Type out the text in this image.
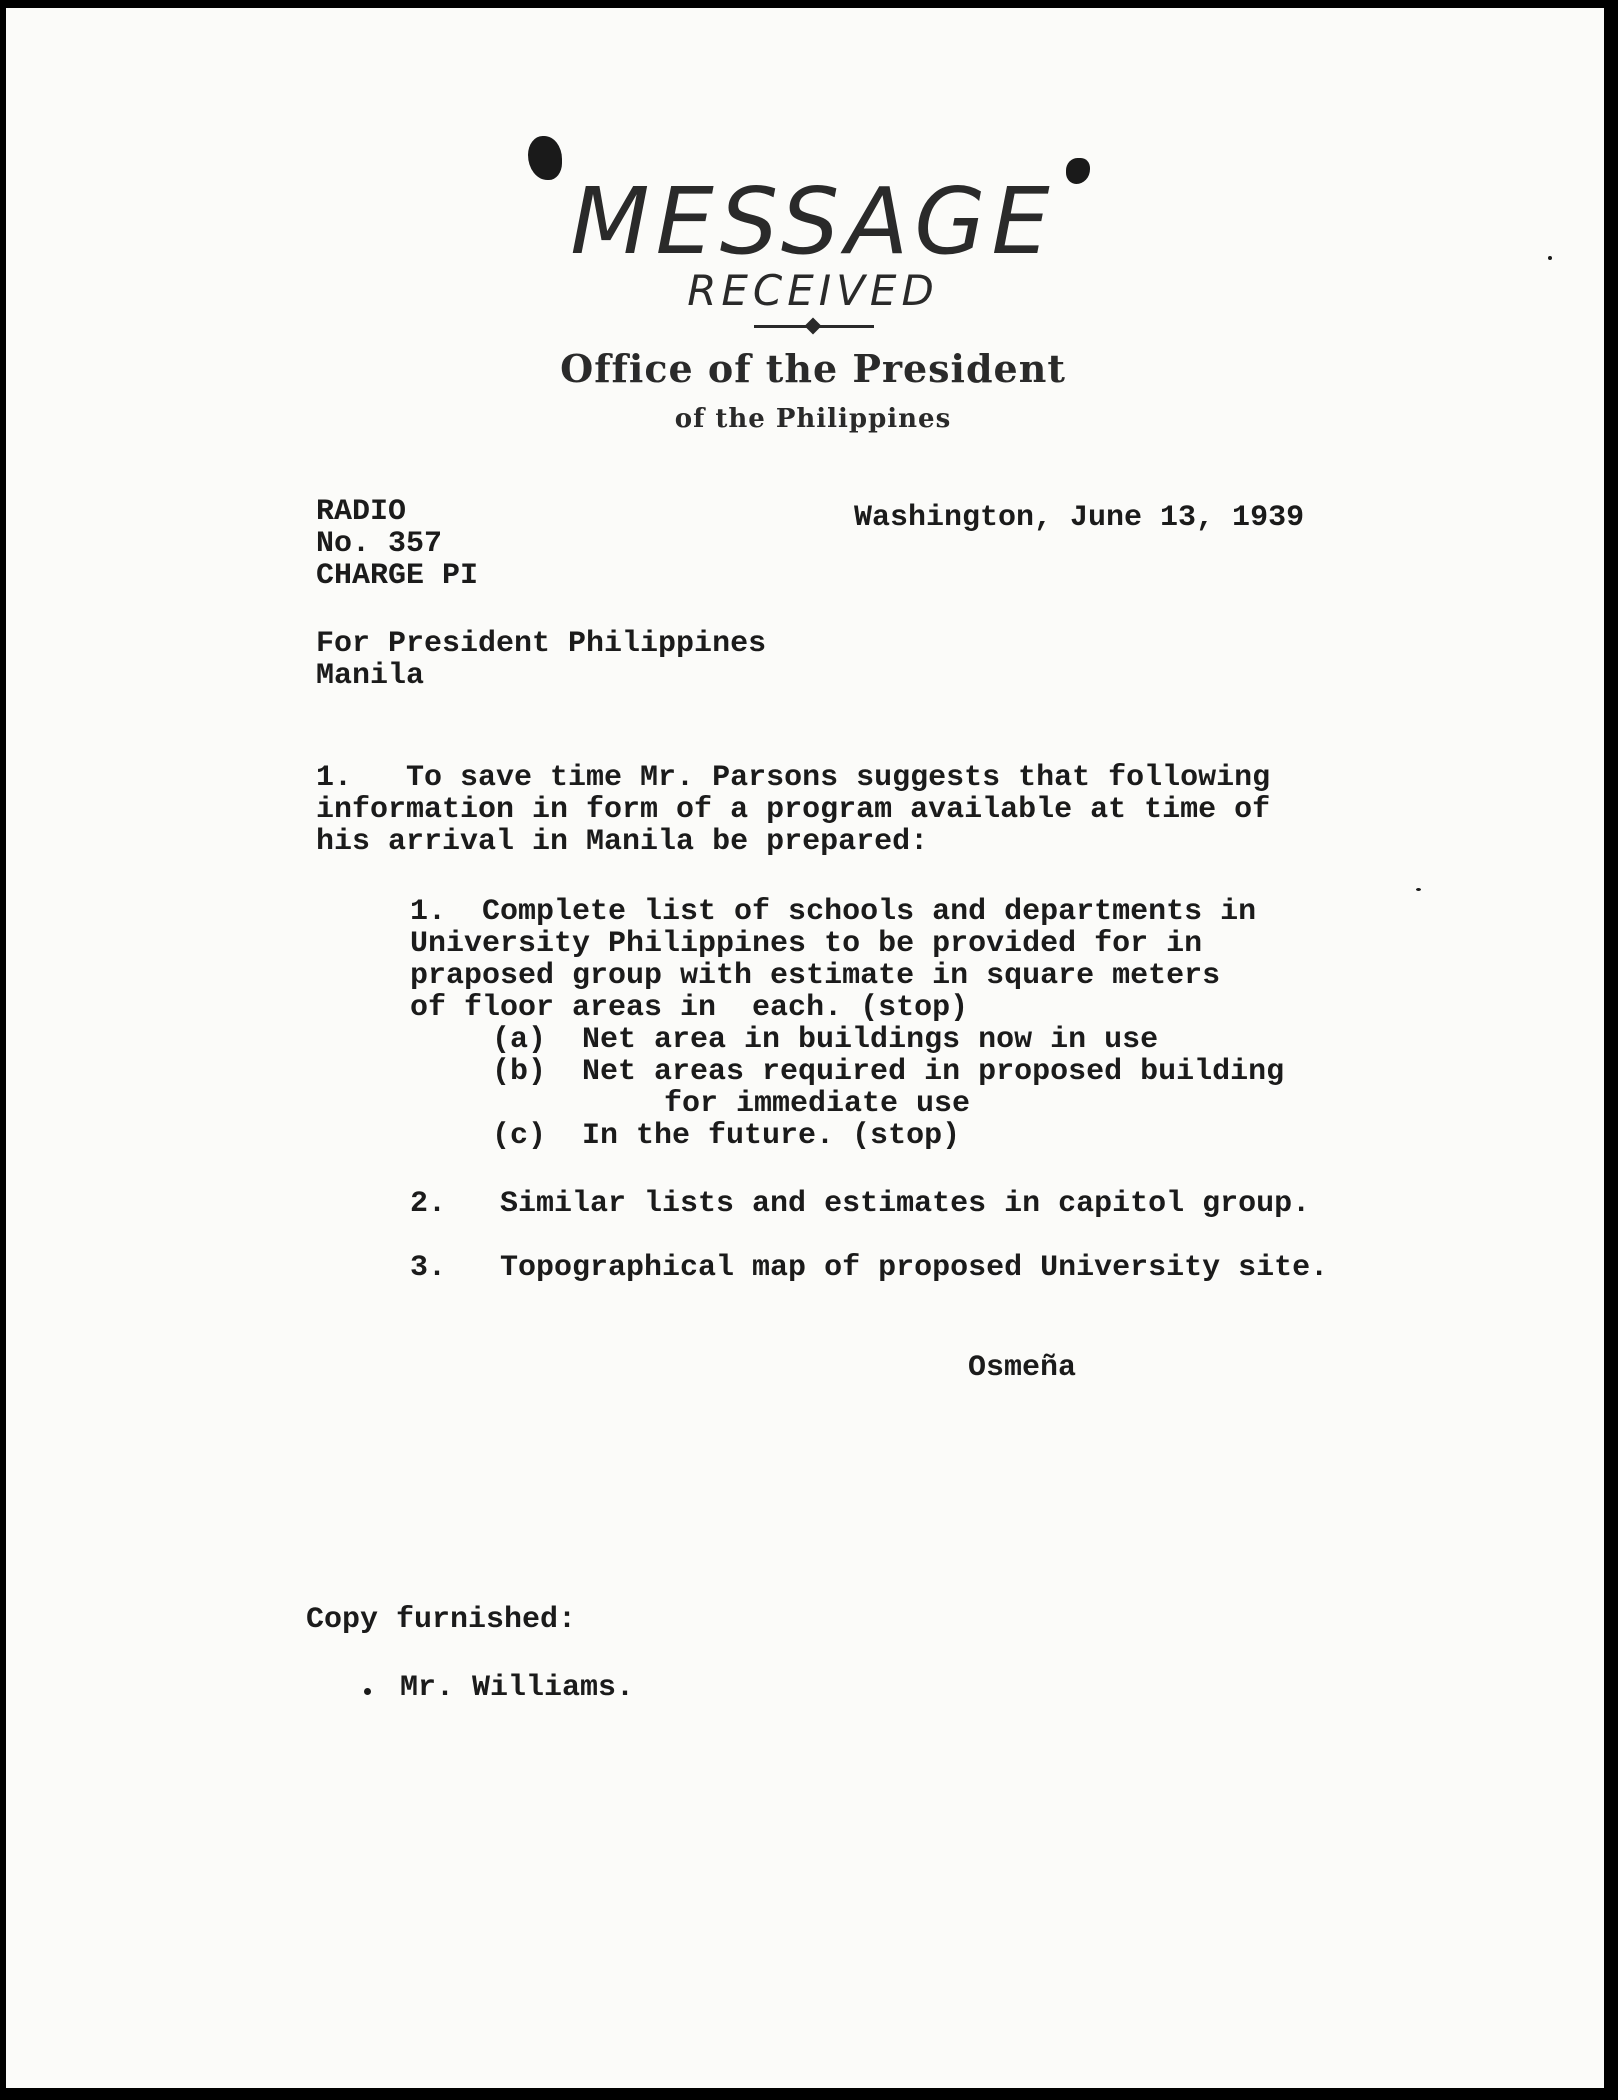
MESSAGE
RECEIVED
Office of the President
of the Philippines
RADIO
No. 357
CHARGE PI
Washington, June 13, 1939
For President Philippines
Manila
1.   To save time Mr. Parsons suggests that following
information in form of a program available at time of
his arrival in Manila be prepared:
1.  Complete list of schools and departments in
University Philippines to be provided for in
praposed group with estimate in square meters
of floor areas in  each. (stop)
(a)  Net area in buildings now in use
(b)  Net areas required in proposed building
for immediate use
(c)  In the future. (stop)
2.   Similar lists and estimates in capitol group.
3.   Topographical map of proposed University site.
Osmeña
Copy furnished:
Mr. Williams.
